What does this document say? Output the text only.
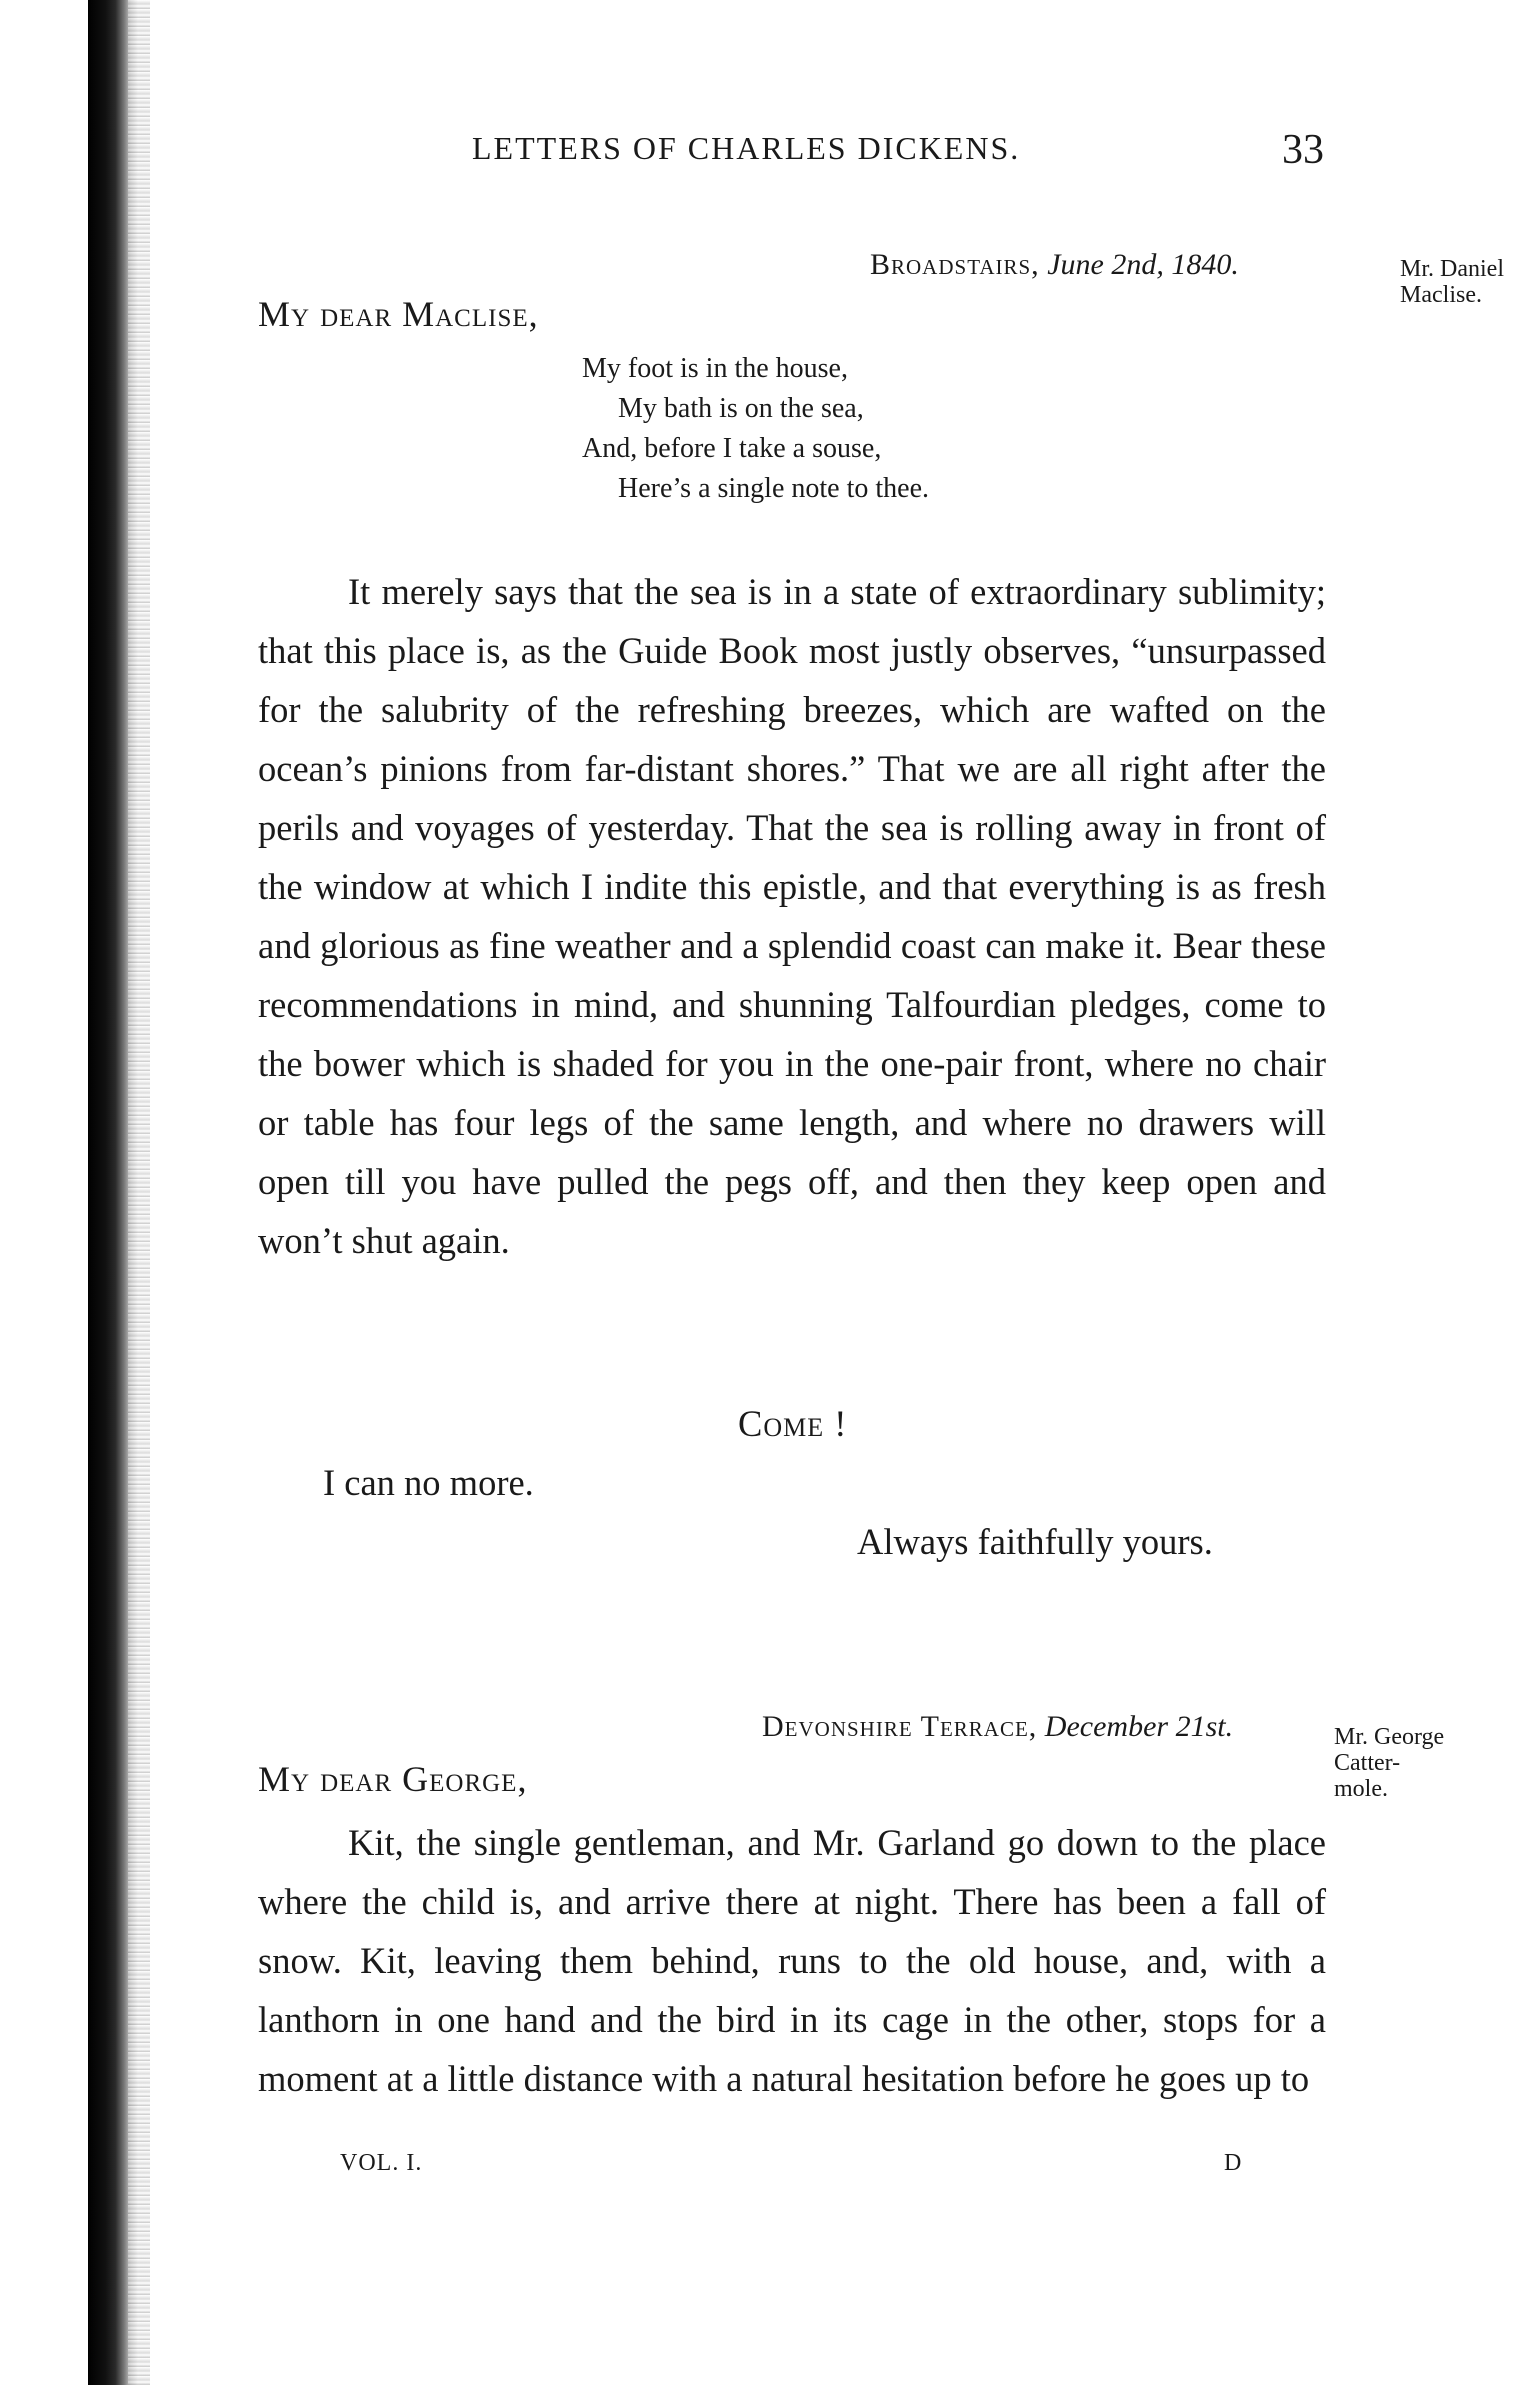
LETTERS OF CHARLES DICKENS.	33
Broadstairs, June 2nd, 1840.	Mr. Daniel Maclise.
My dear Maclise,
My foot is in the house,
My bath is on the sea,
And, before I take a souse,
Here’s a single note to thee.

It merely says that the sea is in a state of extraordinary sublimity; that this place is, as the Guide Book most justly observes, “unsurpassed for the salubrity of the refreshing breezes, which are wafted on the ocean’s pinions from far-distant shores.” That we are all right after the perils and voyages of yesterday. That the sea is rolling away in front of the window at which I indite this epistle, and that everything is as fresh and glorious as fine weather and a splendid coast can make it. Bear these recommendations in mind, and shunning Talfourdian pledges, come to the bower which is shaded for you in the one-pair front, where no chair or table has four legs of the same length, and where no drawers will open till you have pulled the pegs off, and then they keep open and won’t shut again.

Come !
I can no more.
Always faithfully yours.
Devonshire Terrace, December 21st.	Mr. George Catter-mole.
My dear George,

Kit, the single gentleman, and Mr. Garland go down to the place where the child is, and arrive there at night. There has been a fall of snow. Kit, leaving them behind, runs to the old house, and, with a lanthorn in one hand and the bird in its cage in the other, stops for a moment at a little distance with a natural hesitation before he goes up to

VOL. I.	D
